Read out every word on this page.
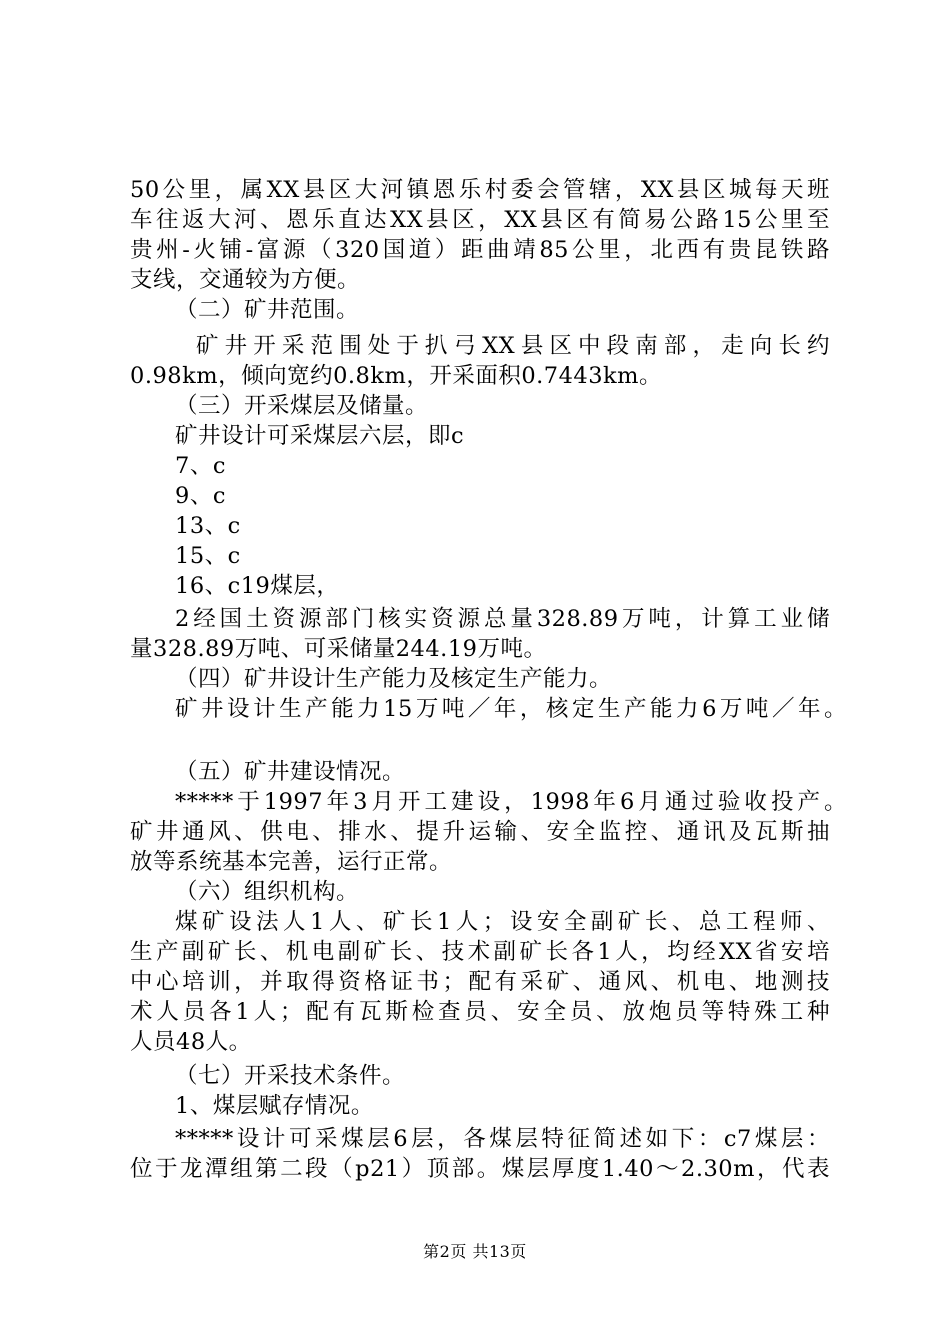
50公里，属XX县区大河镇恩乐村委会管辖，XX县区城每天班
车往返大河、恩乐直达XX县区，XX县区有简易公路15公里至
贵州-火铺-富源（320国道）距曲靖85公里，北西有贵昆铁路
支线，交通较为方便。
（二）矿井范围。
矿井开采范围处于扒弓XX县区中段南部，走向长约
0.98km，倾向宽约0.8km，开采面积0.7443km。
（三）开采煤层及储量。
矿井设计可采煤层六层，即c
7、c
9、c
13、c
15、c
16、c19煤层，
2经国土资源部门核实资源总量328.89万吨，计算工业储
量328.89万吨、可采储量244.19万吨。
（四）矿井设计生产能力及核定生产能力。
矿井设计生产能力15万吨／年，核定生产能力6万吨／年。
（五）矿井建设情况。
*****于1997年3月开工建设，1998年6月通过验收投产。
矿井通风、供电、排水、提升运输、安全监控、通讯及瓦斯抽
放等系统基本完善，运行正常。
（六）组织机构。
煤矿设法人1人、矿长1人；设安全副矿长、总工程师、
生产副矿长、机电副矿长、技术副矿长各1人，均经XX省安培
中心培训，并取得资格证书；配有采矿、通风、机电、地测技
术人员各1人；配有瓦斯检查员、安全员、放炮员等特殊工种
人员48人。
（七）开采技术条件。
1、煤层赋存情况。
*****设计可采煤层6层，各煤层特征简述如下：c7煤层：
位于龙潭组第二段（p21）顶部。煤层厚度1.40～2.30m，代表
第2页 共13页
